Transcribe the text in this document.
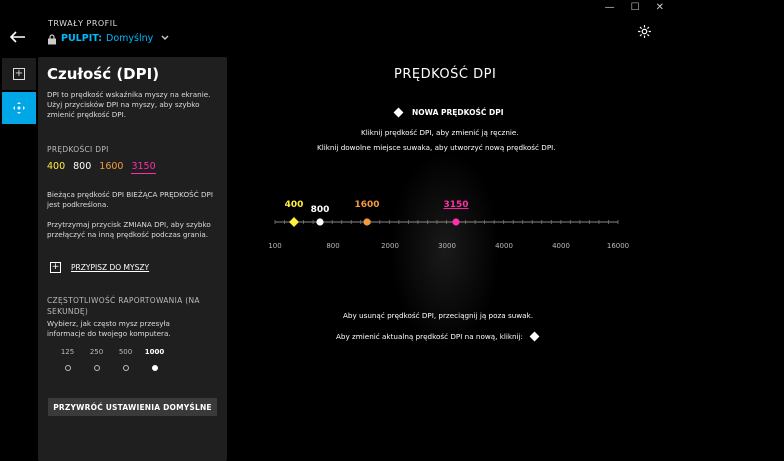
— ☐ ✕
TRWAŁY PROFIL
PULPIT: Domyślny
+ Czułość (DPI)
DPI to prędkość wskaźnika myszy na ekranie. Użyj przycisków DPI na myszy, aby szybko zmienić prędkość DPI.
PRĘDKOŚCI DPI
400 800 1600 3150
Bieżąca prędkość DPI BIEŻĄCA PRĘDKOŚĆ DPI jest podkreślona.
Przytrzymaj przycisk ZMIANA DPI, aby szybko przełączyć na inną prędkość podczas grania.
+ PRZYPISZ DO MYSZY
CZĘSTOTLIWOŚĆ RAPORTOWANIA (NA SEKUNDĘ)
Wybierz, jak często mysz przesyła informacje do twojego komputera.
125 250 500 1000
PRZYWRÓĆ USTAWIENIA DOMYŚLNE
PRĘDKOŚĆ DPI
NOWA PRĘDKOŚĆ DPI
Kliknij prędkość DPI, aby zmienić ją ręcznie.
Kliknij dowolne miejsce suwaka, aby utworzyć nową prędkość DPI.
100	800	2000	3000	4000	4000	16000
400 800	1600	3150
Aby usunąć prędkość DPI, przeciągnij ją poza suwak.
Aby zmienić aktualną prędkość DPI na nową, kliknij:
